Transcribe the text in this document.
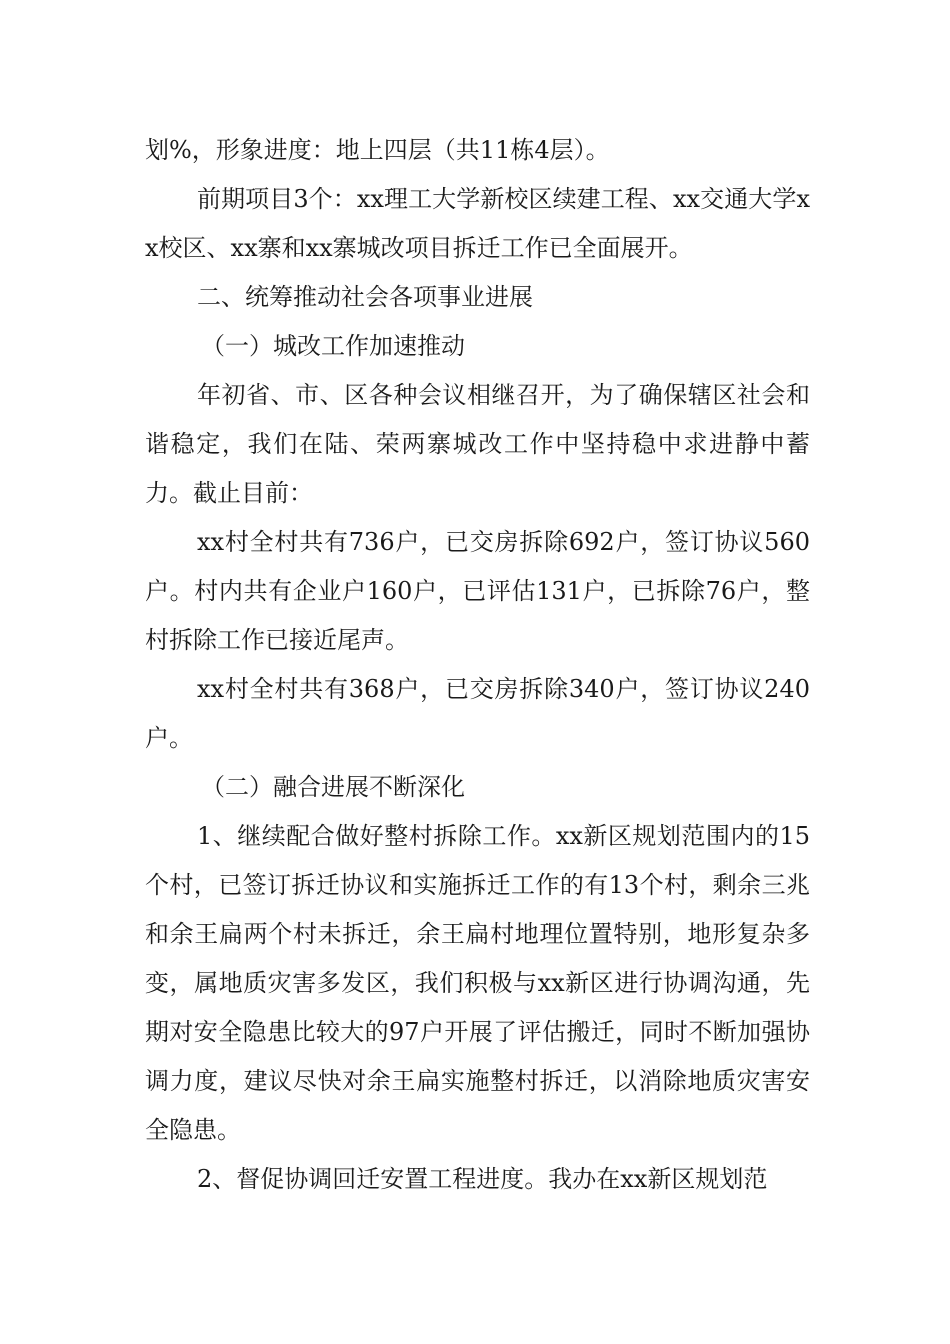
划%，形象进度：地上四层（共11栋4层）。

前期项目3个：xx理工大学新校区续建工程、xx交通大学xx校区、xx寨和xx寨城改项目拆迁工作已全面展开。

二、统筹推动社会各项事业进展

（一）城改工作加速推动

年初省、市、区各种会议相继召开，为了确保辖区社会和谐稳定，我们在陆、荣两寨城改工作中坚持稳中求进静中蓄力。截止目前：

xx村全村共有736户，已交房拆除692户，签订协议560户。村内共有企业户160户，已评估131户，已拆除76户，整村拆除工作已接近尾声。

xx村全村共有368户，已交房拆除340户，签订协议240户。

（二）融合进展不断深化

1、继续配合做好整村拆除工作。xx新区规划范围内的15个村，已签订拆迁协议和实施拆迁工作的有13个村，剩余三兆和余王扁两个村未拆迁，余王扁村地理位置特别，地形复杂多变，属地质灾害多发区，我们积极与xx新区进行协调沟通，先期对安全隐患比较大的97户开展了评估搬迁，同时不断加强协调力度，建议尽快对余王扁实施整村拆迁，以消除地质灾害安全隐患。

2、督促协调回迁安置工程进度。我办在xx新区规划范
